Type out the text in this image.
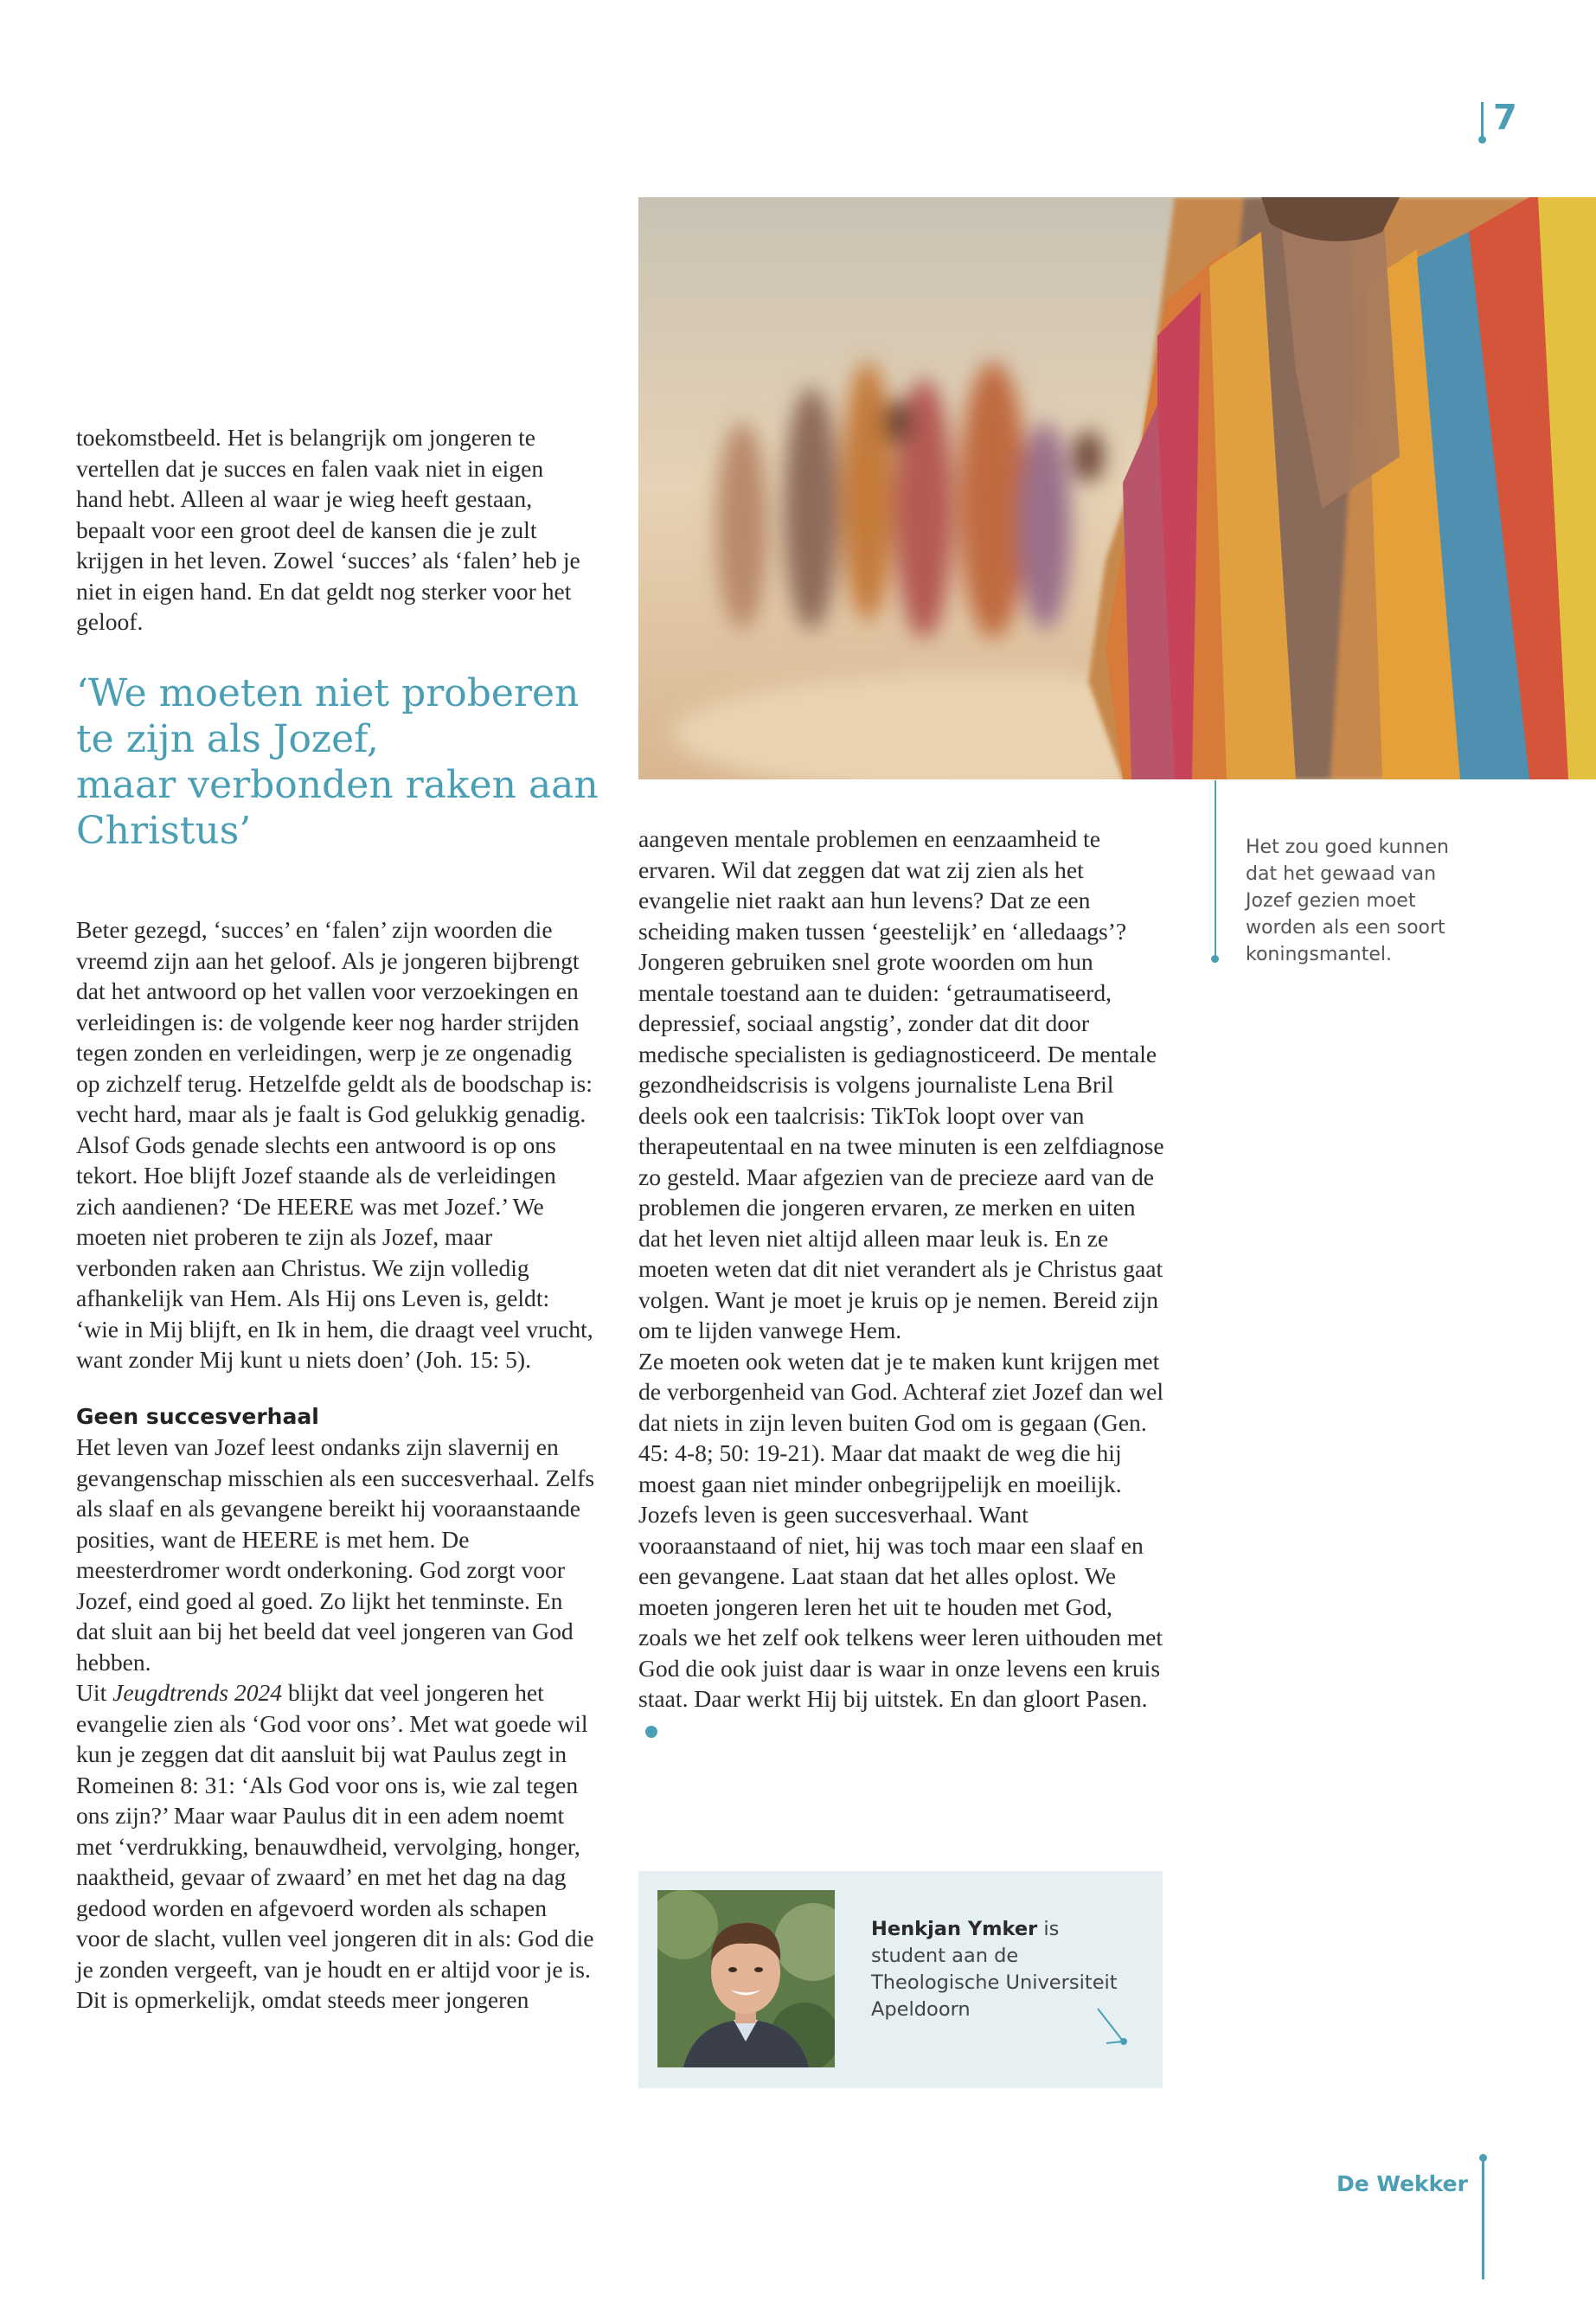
7

toekomstbeeld. Het is belangrijk om jongeren te vertellen dat je succes en falen vaak niet in eigen hand hebt. Alleen al waar je wieg heeft gestaan, bepaalt voor een groot deel de kansen die je zult krijgen in het leven. Zowel ‘succes’ als ‘falen’ heb je niet in eigen hand. En dat geldt nog sterker voor het geloof.

‘We moeten niet proberen
te zijn als Jozef,
maar verbonden raken aan
Christus’

Beter gezegd, ‘succes’ en ‘falen’ zijn woorden die vreemd zijn aan het geloof. Als je jongeren bijbrengt dat het antwoord op het vallen voor verzoekingen en verleidingen is: de volgende keer nog harder strijden tegen zonden en verleidingen, werp je ze ongenadig op zichzelf terug. Hetzelfde geldt als de boodschap is: vecht hard, maar als je faalt is God gelukkig genadig. Alsof Gods genade slechts een antwoord is op ons tekort. Hoe blijft Jozef staande als de verleidingen zich aandienen? ‘De HEERE was met Jozef.’ We moeten niet proberen te zijn als Jozef, maar verbonden raken aan Christus. We zijn volledig afhankelijk van Hem. Als Hij ons Leven is, geldt: ‘wie in Mij blijft, en Ik in hem, die draagt veel vrucht, want zonder Mij kunt u niets doen’ (Joh. 15: 5).

Geen succesverhaal

Het leven van Jozef leest ondanks zijn slavernij en gevangenschap misschien als een succesverhaal. Zelfs als slaaf en als gevangene bereikt hij vooraanstaande posities, want de HEERE is met hem. De meesterdromer wordt onderkoning. God zorgt voor Jozef, eind goed al goed. Zo lijkt het tenminste. En dat sluit aan bij het beeld dat veel jongeren van God hebben.

Uit Jeugdtrends 2024 blijkt dat veel jongeren het evangelie zien als ‘God voor ons’. Met wat goede wil kun je zeggen dat dit aansluit bij wat Paulus zegt in Romeinen 8: 31: ‘Als God voor ons is, wie zal tegen ons zijn?’ Maar waar Paulus dit in een adem noemt met ‘verdrukking, benauwdheid, vervolging, honger, naaktheid, gevaar of zwaard’ en met het dag na dag gedood worden en afgevoerd worden als schapen voor de slacht, vullen veel jongeren dit in als: God die je zonden vergeeft, van je houdt en er altijd voor je is. Dit is opmerkelijk, omdat steeds meer jongeren

aangeven mentale problemen en eenzaamheid te ervaren. Wil dat zeggen dat wat zij zien als het evangelie niet raakt aan hun levens? Dat ze een scheiding maken tussen ‘geestelijk’ en ‘alledaags’? Jongeren gebruiken snel grote woorden om hun mentale toestand aan te duiden: ‘getraumatiseerd, depressief, sociaal angstig’, zonder dat dit door medische specialisten is gediagnosticeerd. De mentale gezondheidscrisis is volgens journaliste Lena Bril deels ook een taalcrisis: TikTok loopt over van therapeutentaal en na twee minuten is een zelfdiagnose zo gesteld. Maar afgezien van de precieze aard van de problemen die jongeren ervaren, ze merken en uiten dat het leven niet altijd alleen maar leuk is. En ze moeten weten dat dit niet verandert als je Christus gaat volgen. Want je moet je kruis op je nemen. Bereid zijn om te lijden vanwege Hem.

Ze moeten ook weten dat je te maken kunt krijgen met de verborgenheid van God. Achteraf ziet Jozef dan wel dat niets in zijn leven buiten God om is gegaan (Gen. 45: 4-8; 50: 19-21). Maar dat maakt de weg die hij moest gaan niet minder onbegrijpelijk en moeilijk. Jozefs leven is geen succesverhaal. Want vooraanstaand of niet, hij was toch maar een slaaf en een gevangene. Laat staan dat het alles oplost. We moeten jongeren leren het uit te houden met God, zoals we het zelf ook telkens weer leren uithouden met God die ook juist daar is waar in onze levens een kruis staat. Daar werkt Hij bij uitstek. En dan gloort Pasen.

Het zou goed kunnen dat het gewaad van Jozef gezien moet worden als een soort koningsmantel.
Henkjan Ymker is student aan de Theologische Universiteit Apeldoorn
De Wekker
